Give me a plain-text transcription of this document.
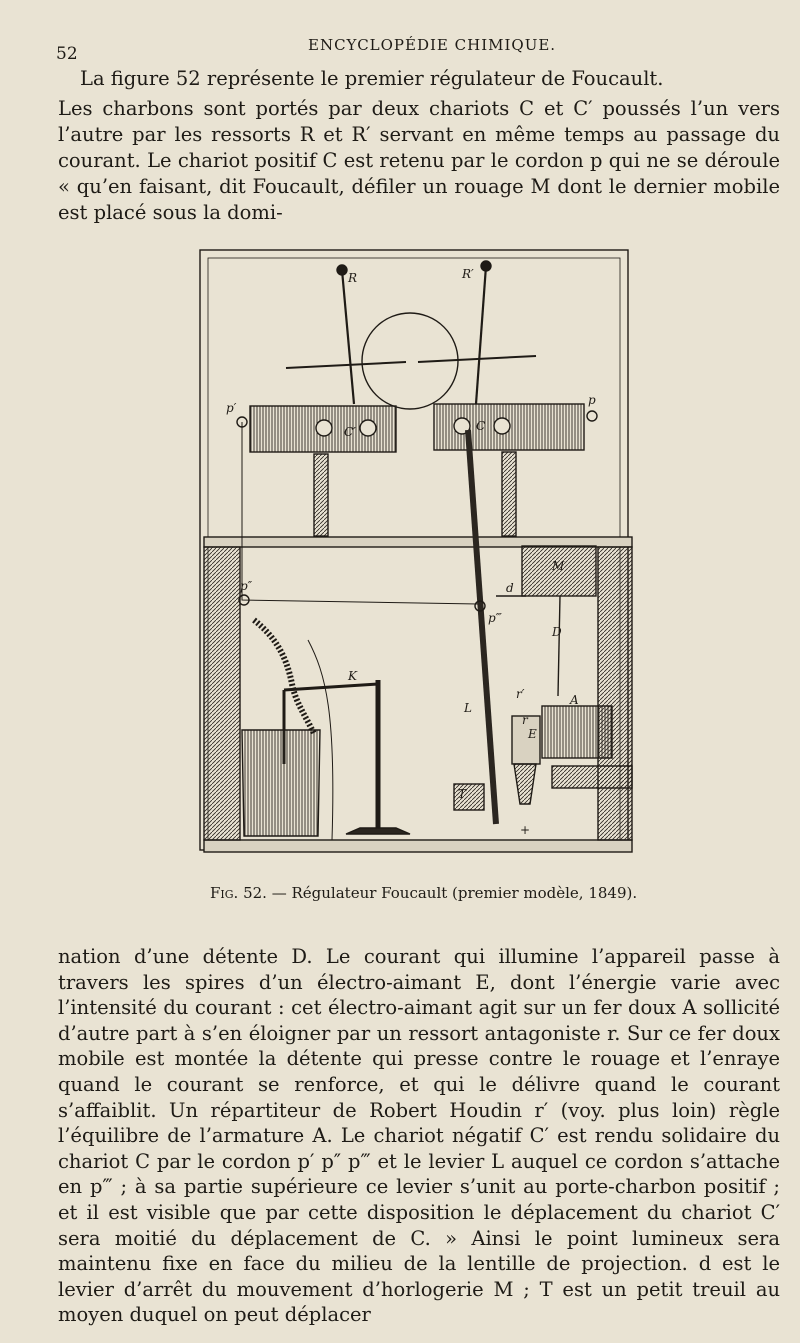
52	ENCYCLOPÉDIE CHIMIQUE.

La figure 52 représente le premier régulateur de Foucault.

Les charbons sont portés par deux chariots C et C′ poussés l’un vers l’autre par les ressorts R et R′ servant en même temps au passage du courant. Le chariot positif C est retenu par le cordon p qui ne se déroule « qu’en faisant, dit Foucault, défiler un rouage M dont le dernier mobile est placé sous la domi-

R	R′
C′	C
p
p′
p″
p‴
d
M
D
K
L
r′
r
E
A
T
+
Fig. 52. — Régulateur Foucault (premier modèle, 1849).

nation d’une détente D. Le courant qui illumine l’appareil passe à travers les spires d’un électro-aimant E, dont l’énergie varie avec l’intensité du courant : cet électro-aimant agit sur un fer doux A sollicité d’autre part à s’en éloigner par un ressort antagoniste r. Sur ce fer doux mobile est montée la détente qui presse contre le rouage et l’enraye quand le courant se renforce, et qui le délivre quand le courant s’affaiblit. Un répartiteur de Robert Houdin r′ (voy. plus loin) règle l’équilibre de l’armature A. Le chariot négatif C′ est rendu solidaire du chariot C par le cordon p′ p″ p‴ et le levier L auquel ce cordon s’attache en p‴ ; à sa partie supérieure ce levier s’unit au porte-charbon positif ; et il est visible que par cette disposition le déplacement du chariot C′ sera moitié du déplacement de C. » Ainsi le point lumineux sera maintenu fixe en face du milieu de la lentille de projection. d est le levier d’arrêt du mouvement d’horlogerie M ; T est un petit treuil au moyen duquel on peut déplacer
